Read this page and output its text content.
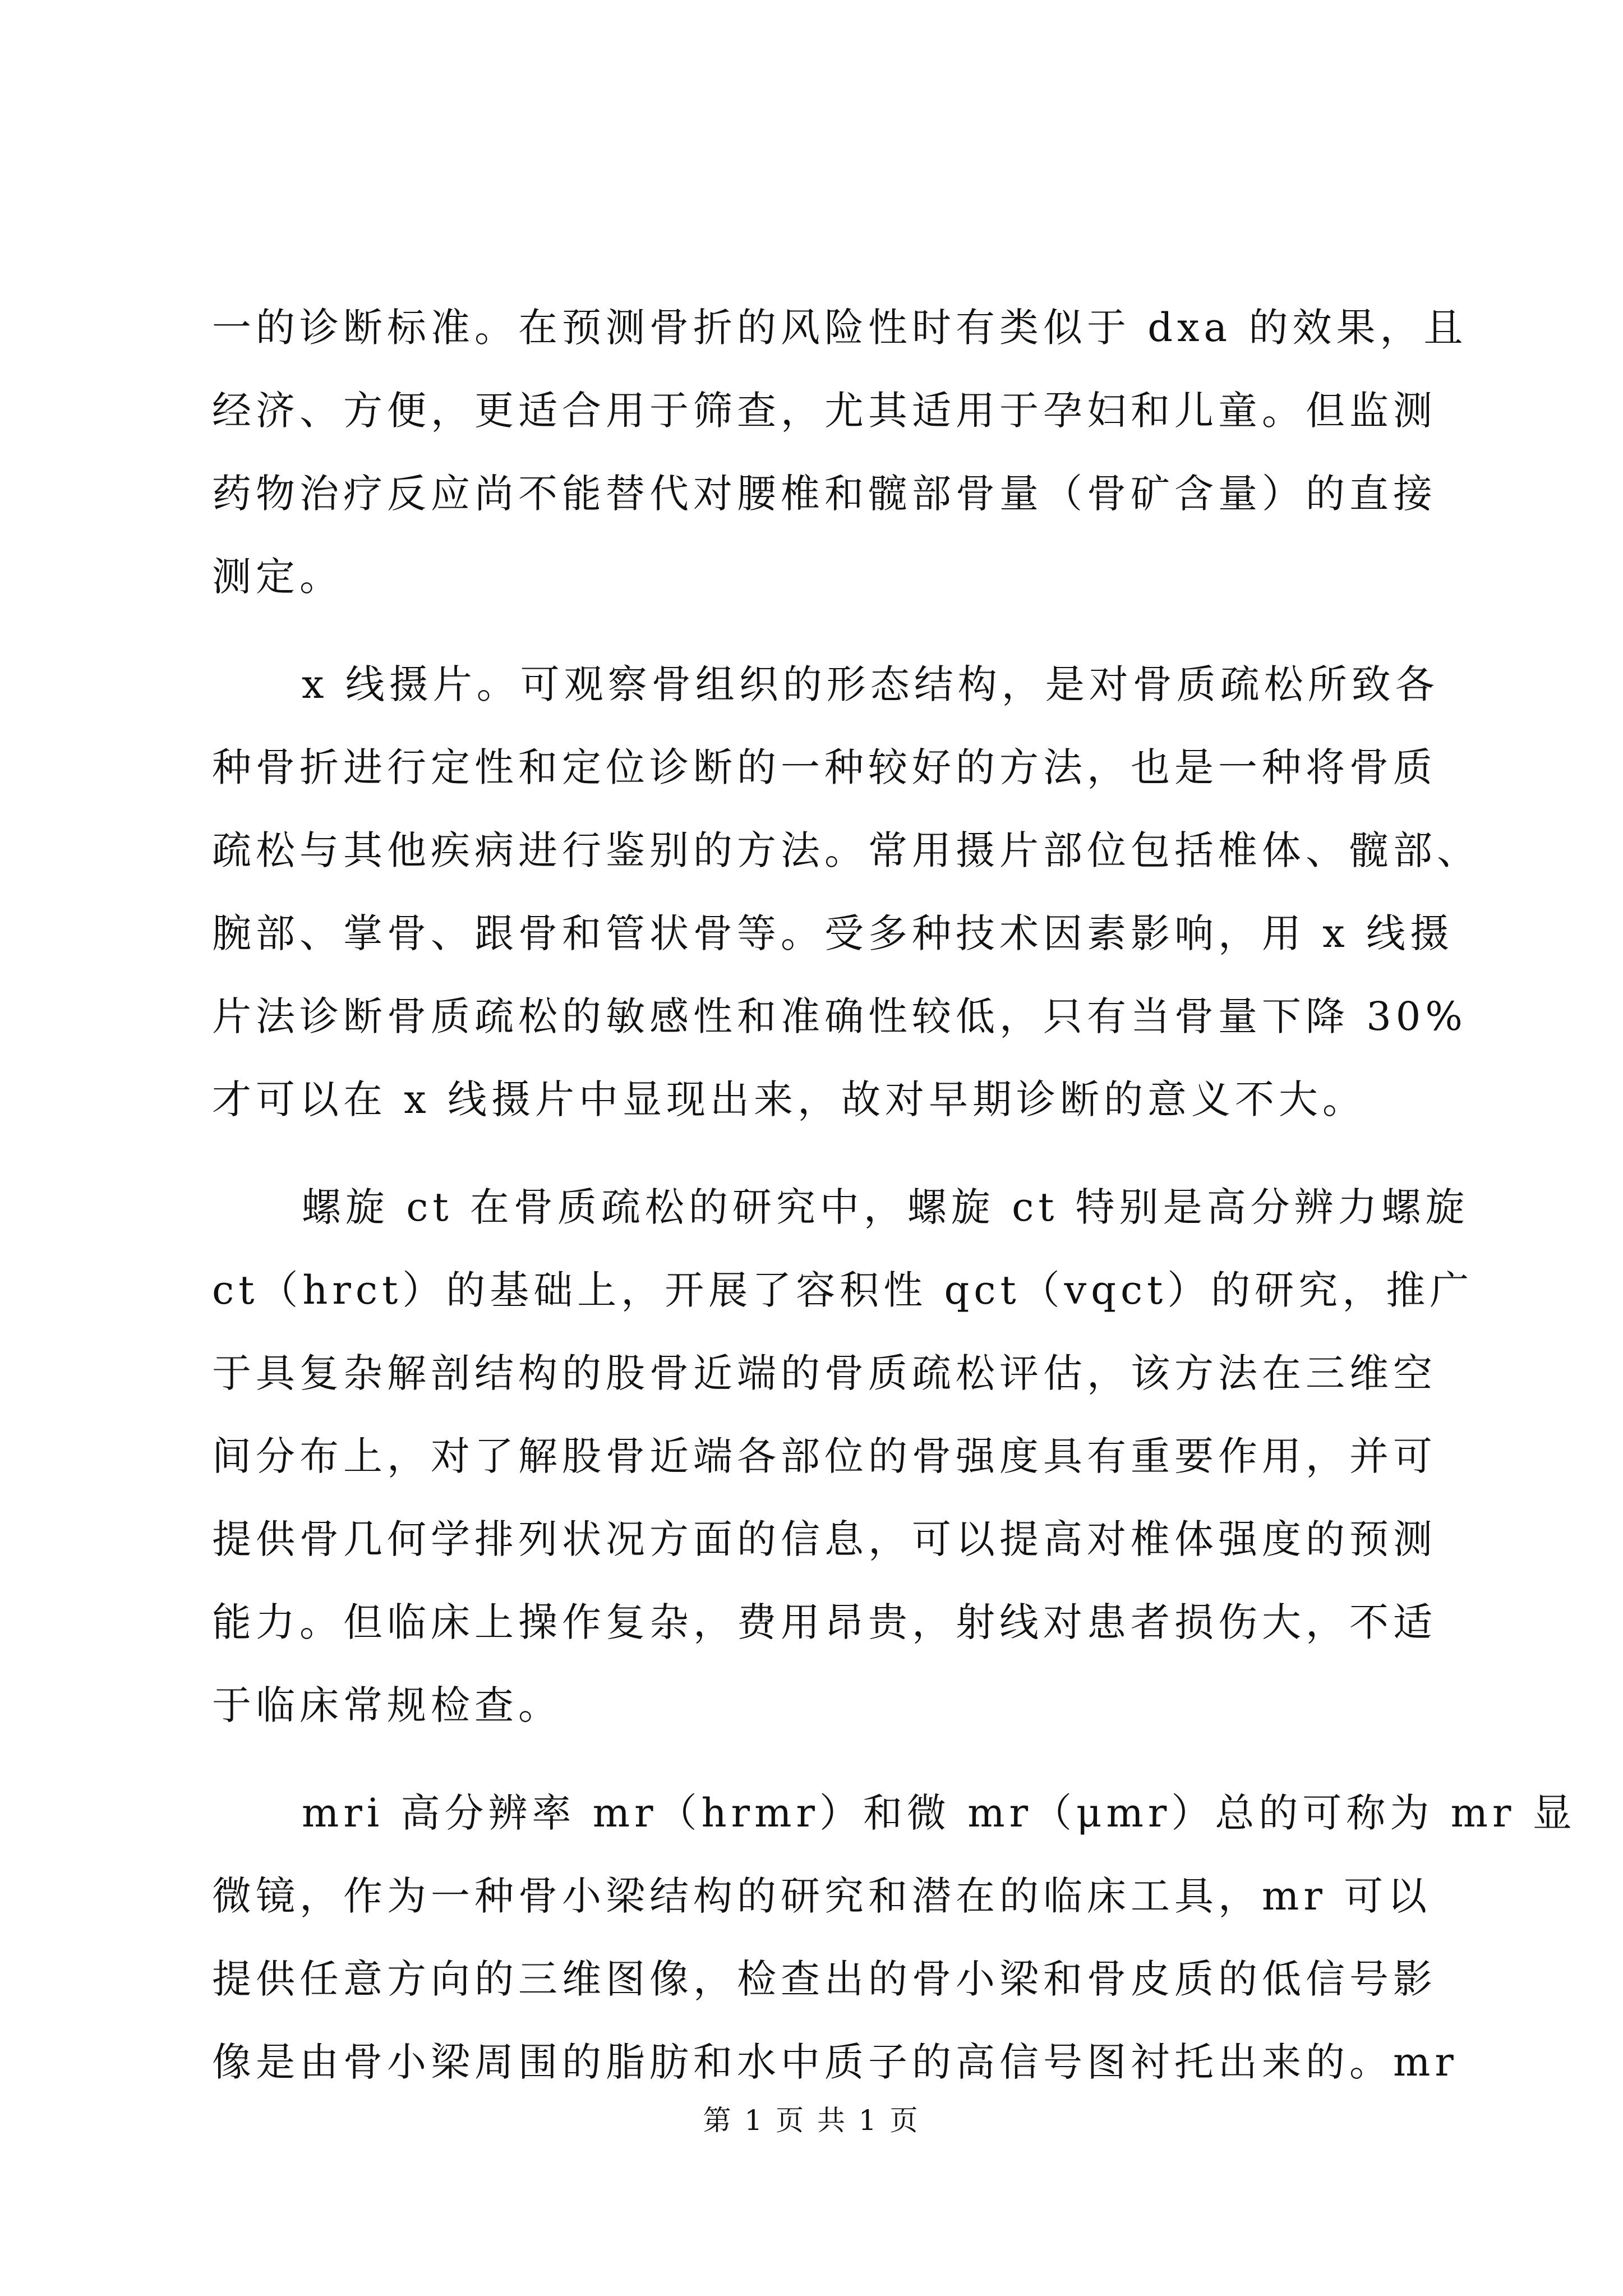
一的诊断标准。在预测骨折的风险性时有类似于 dxa 的效果，且
经济、方便，更适合用于筛查，尤其适用于孕妇和儿童。但监测
药物治疗反应尚不能替代对腰椎和髋部骨量（骨矿含量）的直接
测定。
x 线摄片。可观察骨组织的形态结构，是对骨质疏松所致各
种骨折进行定性和定位诊断的一种较好的方法，也是一种将骨质
疏松与其他疾病进行鉴别的方法。常用摄片部位包括椎体、髋部、
腕部、掌骨、跟骨和管状骨等。受多种技术因素影响，用 x 线摄
片法诊断骨质疏松的敏感性和准确性较低，只有当骨量下降 30%
才可以在 x 线摄片中显现出来，故对早期诊断的意义不大。
螺旋 ct 在骨质疏松的研究中，螺旋 ct 特别是高分辨力螺旋
ct（hrct）的基础上，开展了容积性 qct（vqct）的研究，推广
于具复杂解剖结构的股骨近端的骨质疏松评估，该方法在三维空
间分布上，对了解股骨近端各部位的骨强度具有重要作用，并可
提供骨几何学排列状况方面的信息，可以提高对椎体强度的预测
能力。但临床上操作复杂，费用昂贵，射线对患者损伤大，不适
于临床常规检查。
mri 高分辨率 mr（hrmr）和微 mr（μmr）总的可称为 mr 显
微镜，作为一种骨小梁结构的研究和潜在的临床工具，mr 可以
提供任意方向的三维图像，检查出的骨小梁和骨皮质的低信号影
像是由骨小梁周围的脂肪和水中质子的高信号图衬托出来的。mr
第 1 页 共 1 页
